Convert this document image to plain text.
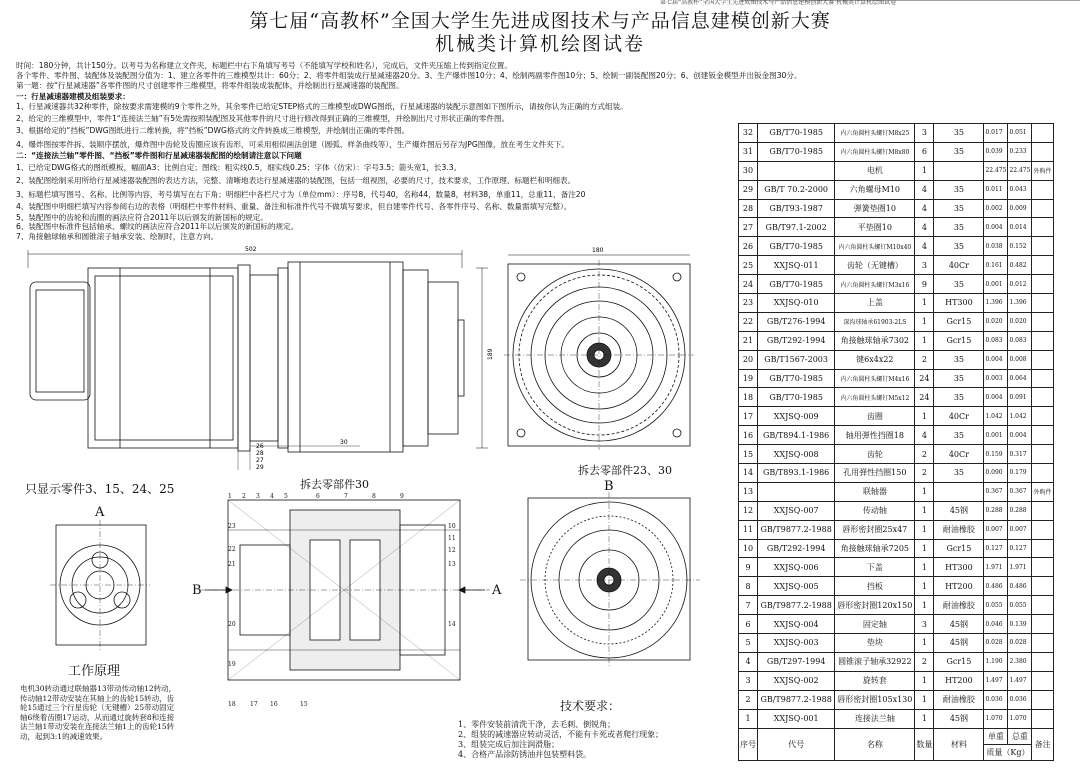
第七届“高教杯”全国大学生先进成图技术与产品信息建模创新大赛 机械类计算机绘图试卷
第七届“高教杯”全国大学生先进成图技术与产品信息建模创新大赛
机械类计算机绘图试卷
时间：180分钟，共计150分。以考号为名称建立文件夹，标题栏中右下角填写考号（不能填写学校和姓名），完成后，文件夹压缩上传到指定位置。
各个零件、零件图、装配体及装配图分值为：1、建立各零件的三维模型共计：60分；2、将零件组装成行星减速器20分。3、生产爆炸图10分；4、绘制两副零件图10分；5、绘制一副装配图20分；6、创建钣金模型并出钣金图30分。
第一题：按“行星减速器”各零件图的尺寸创建零件三维模型，将零件组装成装配体，并绘制出行星减速器的装配图。
一：行星减速器建模及组装要求：
1、行星减速器共32种零件，除按要求需建模的9个零件之外，其余零件已给定STEP格式的三维模型或DWG图纸，行星减速器的装配示意图如下图所示，请按你认为正确的方式组装。
2、给定的三维模型中，零件1“连接法兰轴”有5处需按照装配图及其他零件的尺寸进行修改得到正确的三维模型，并绘制出尺寸形状正确的零件图。
3、根据给定的“挡板”DWG图纸进行二维转换，将“挡板”DWG格式的文件转换成三维模型，并绘制出正确的零件图。
4、爆炸图按零件拆、装顺序摆放，爆炸图中齿轮及齿圈应该有齿形，可采用相似画法创建（圆弧、样条曲线等），生产爆炸图后另存为JPG图像，放在考生文件夹下。
二：“连接法兰轴”零件图、“挡板”零件图和行星减速器装配图的绘制请注意以下问题
1、已给定DWG格式的图纸模板，幅面A3；比例自定；图线：粗实线0.5，细实线0.25；字体（仿宋）：字号3.5；箭头宽1，长3.3。
2、装配图绘制采用所给行星减速器装配图的表达方法，完整、清晰地表达行星减速器的装配图，包括一组视图，必要的尺寸，技术要求，工作原理、标题栏和明细表。
3、标题栏填写图号、名称、比例等内容，考号填写在右下角；明细栏中各栏尺寸为（单位mm）：序号8，代号40，名称44，数量8，材料38，单重11，总重11，备注20
4、装配图中明细栏填写内容参阅右边的表格（明细栏中零件材料、重量、备注和标准件代号不做填写要求，但自建零件代号、各零件序号、名称、数量需填写完整）。
5、装配图中的齿轮和齿圈的画法应符合2011年以后颁发的新国标的规定。
6、装配图中标准件包括轴承、螺纹的画法应符合2011年以后颁发的新国标的规定。
7、角接触球轴承和圆锥滚子轴承安装、绘制时，注意方向。
502
189
26
28
27
29
30
180
只显示零件3、15、24、25
A
B	A
B
拆去零部件30
拆去零部件23、30
工作原理
技术要求：
1 2 3 4 5	6	7	8	9
10
11
12
13
14
15
16
17
18
19
20
21
22
23
电机30转动通过联轴器13带动传动轴12转动，传动轴12带动安装在其轴上的齿轮15转动，齿轮15通过三个行星齿轮（无键槽）25带动固定轴6绕着齿圈17运动，从而通过旋转套8和连接法兰轴1带动安装在连接法兰轴1上的齿轮15转动，起到3:1的减速效果。
1、零件安装前清洗干净，去毛刺、倒锐角；
2、组装的减速器应转动灵活，不能有卡死或者爬行现象；
3、组装完成后加注润滑脂；
4、合格产品涂防锈油并包装塑料袋。
32	GB/T70-1985	内六角圆柱头螺钉M8x25	3	35	0.017	0.051	
31	GB/T70-1985	内六角圆柱头螺钉M8x80	6	35	0.039	0.233	
30		电机	1		22.475	22.475	外购件
29	GB/T 70.2-2000	六角螺母M10	4	35	0.011	0.043	
28	GB/T93-1987	弹簧垫圈10	4	35	0.002	0.009	
27	GB/T97.1-2002	平垫圈10	4	35	0.004	0.014	
26	GB/T70-1985	内六角圆柱头螺钉M10x40	4	35	0.038	0.152	
25	XXJSQ-011	齿轮（无键槽）	3	40Cr	0.161	0.482	
24	GB/T70-1985	内六角圆柱头螺钉M3x16	9	35	0.001	0.012	
23	XXJSQ-010	上盖	1	HT300	1.396	1.396	
22	GB/T276-1994	深沟球轴承61903-2LS	1	Gcr15	0.020	0.020	
21	GB/T292-1994	角接触球轴承7302	1	Gcr15	0.083	0.083	
20	GB/T1567-2003	键6x4x22	2	35	0.004	0.008	
19	GB/T70-1985	内六角圆柱头螺钉M4x16	24	35	0.003	0.064	
18	GB/T70-1985	内六角圆柱头螺钉M5x12	24	35	0.004	0.091	
17	XXJSQ-009	齿圈	1	40Cr	1.042	1.042	
16	GB/T894.1-1986	轴用弹性挡圈18	4	35	0.001	0.004	
15	XXJSQ-008	齿轮	2	40Cr	0.159	0.317	
14	GB/T893.1-1986	孔用弹性挡圈150	2	35	0.090	0.179	
13		联轴器	1		0.367	0.367	外购件
12	XXJSQ-007	传动轴	1	45钢	0.288	0.288	
11	GB/T9877.2-1988	唇形密封圈25x47	1	耐油橡胶	0.007	0.007	
10	GB/T292-1994	角接触球轴承7205	1	Gcr15	0.127	0.127	
9	XXJSQ-006	下盖	1	HT300	1.971	1.971	
8	XXJSQ-005	挡板	1	HT200	0.486	0.486	
7	GB/T9877.2-1988	唇形密封圈120x150	1	耐油橡胶	0.055	0.055	
6	XXJSQ-004	固定轴	3	45钢	0.046	0.139	
5	XXJSQ-003	垫块	1	45钢	0.028	0.028	
4	GB/T297-1994	圆锥滚子轴承32922	2	Gcr15	1.190	2.380	
3	XXJSQ-002	旋转套	1	HT200	1.497	1.497	
2	GB/T9877.2-1988	唇形密封圈105x130	1	耐油橡胶	0.036	0.036	
1	XXJSQ-001	连接法兰轴	1	45钢	1.070	1.070	
序号	代号	名称	数量	材料	单重	总重	备注
					质量（Kg）		
